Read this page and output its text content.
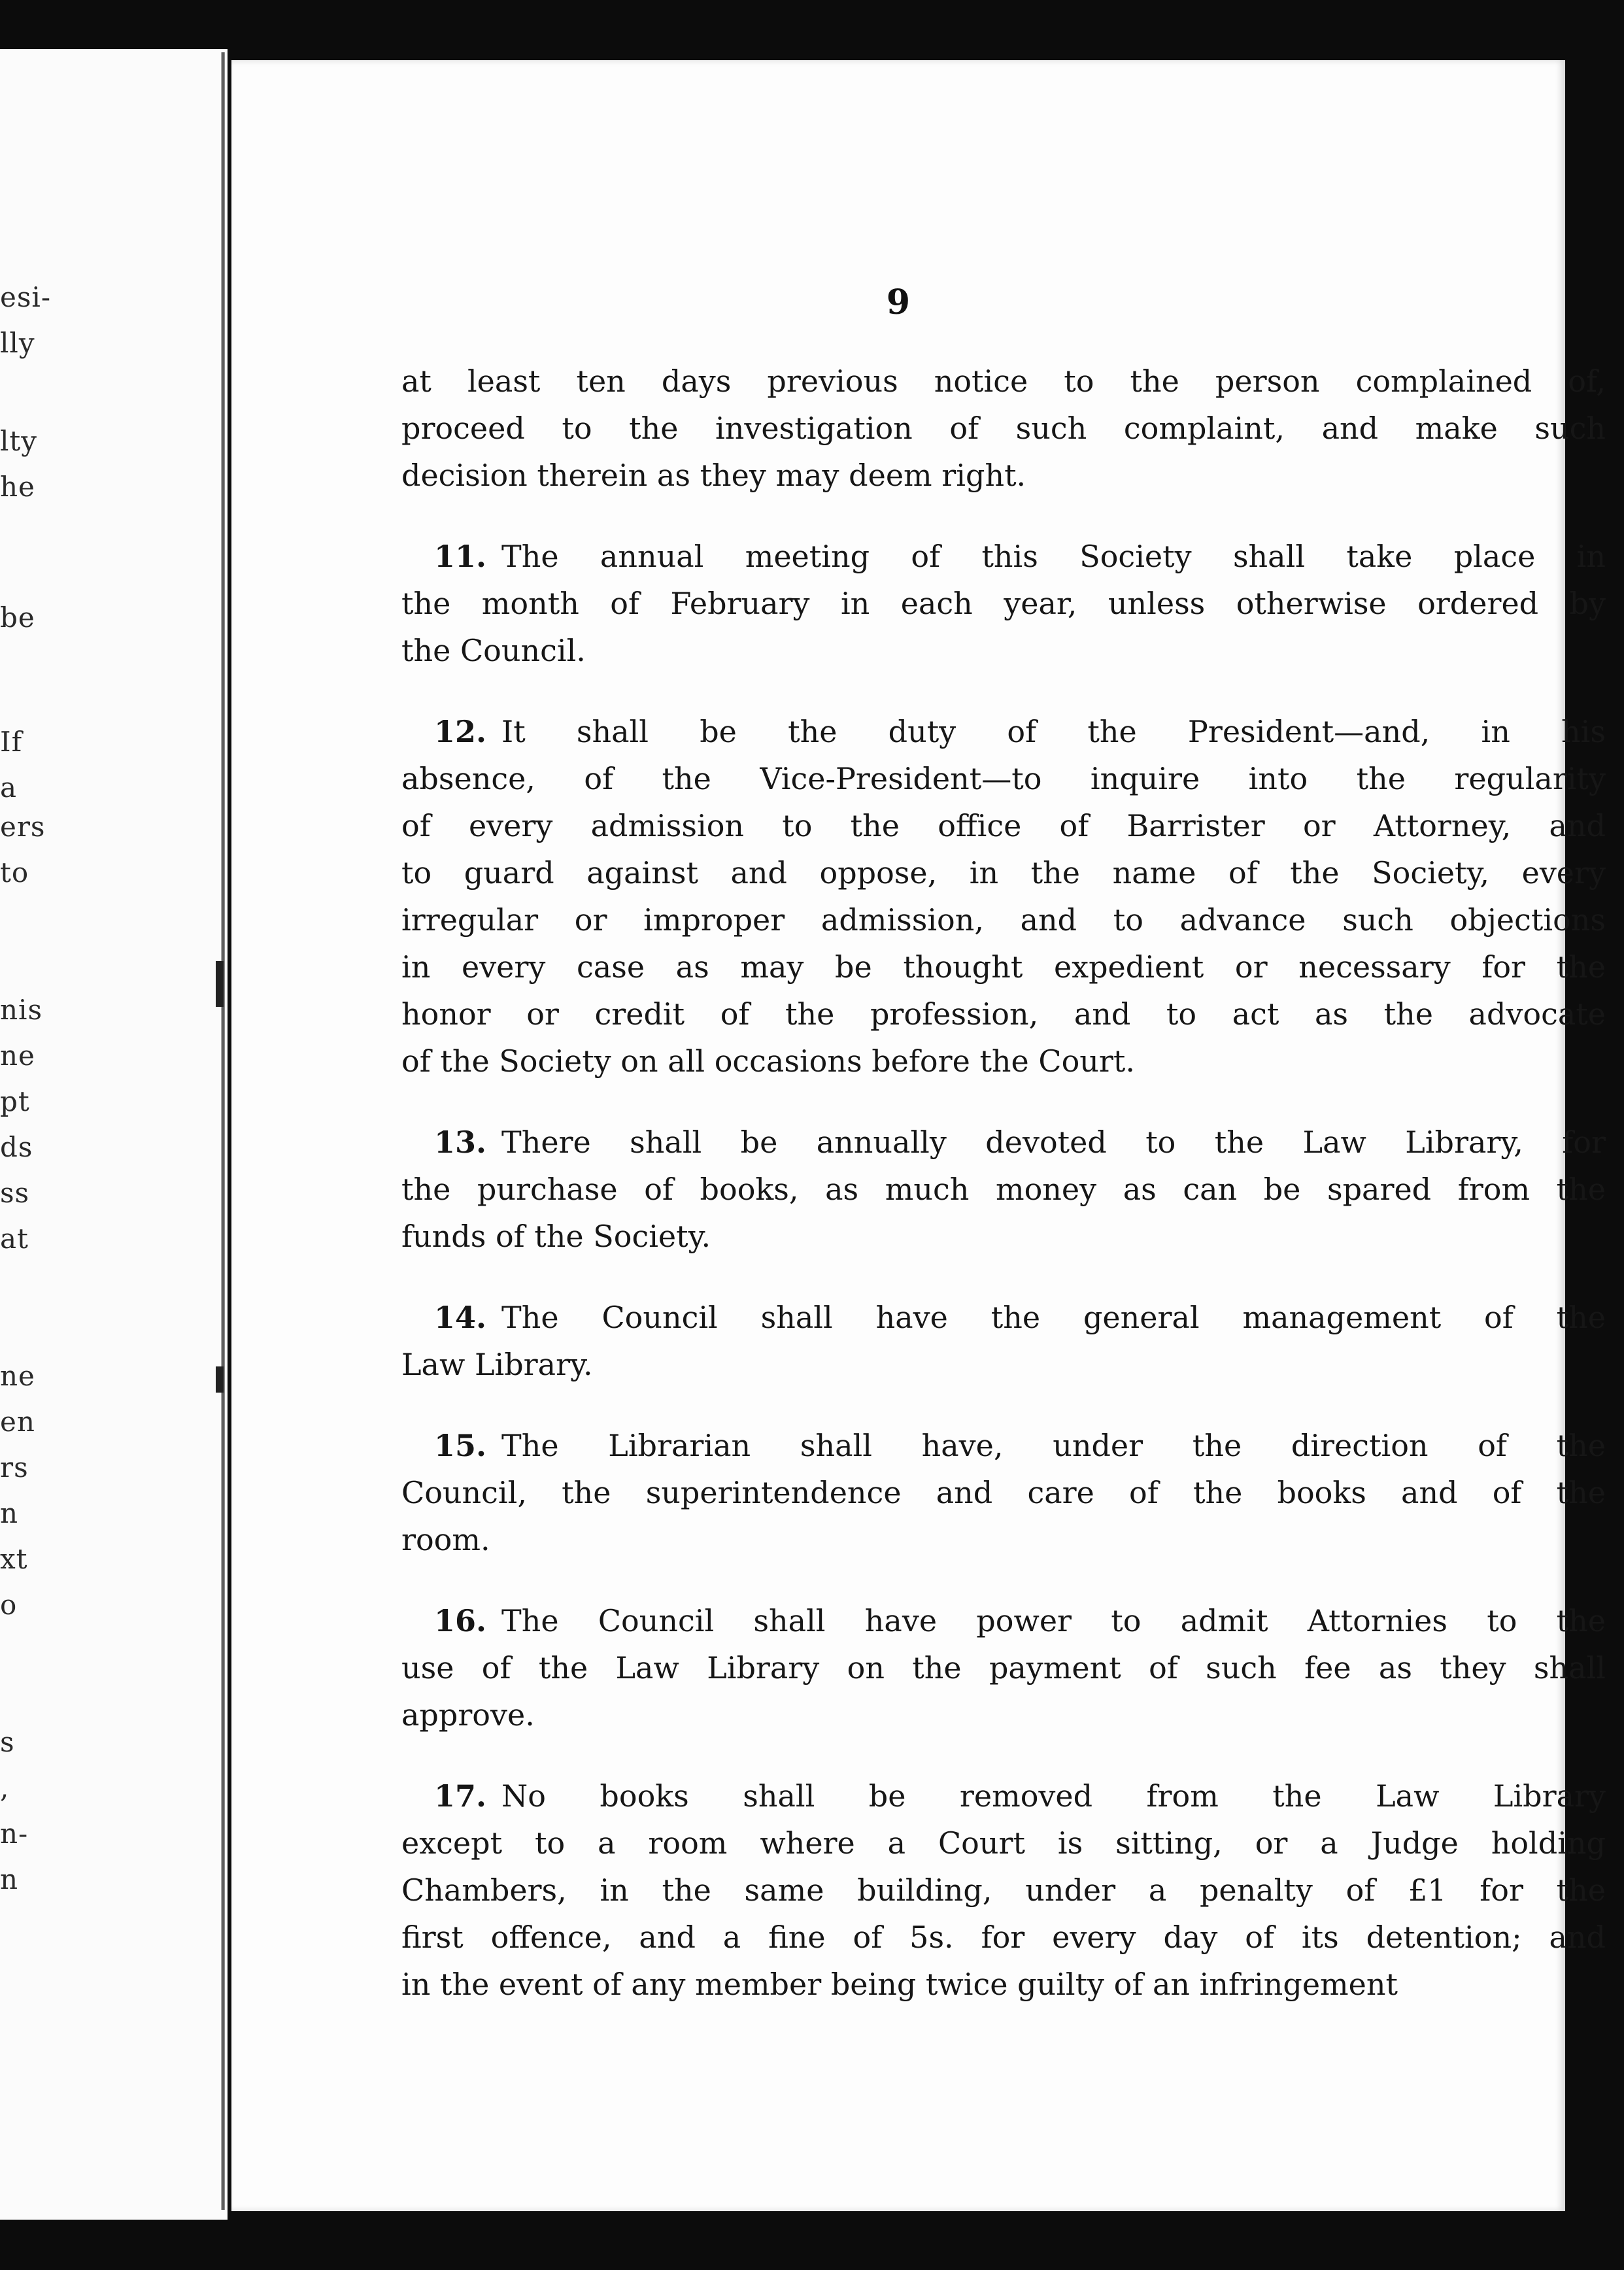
esi-
lly
lty
he
be
If
a
ers
to
nis
ne
pt
ds
ss
at
ne
en
rs
n
xt
o
s
,
n-
n
9
at least ten days previous notice to the person complained of,
proceed to the investigation of such complaint, and make such
decision therein as they may deem right.
11.  The annual meeting of this Society shall take place in
the month of February in each year, unless otherwise ordered by
the Council.
12.  It shall be the duty of the President—and, in his
absence, of the Vice-President—to inquire into the regularity
of every admission to the office of Barrister or Attorney, and
to guard against and oppose, in the name of the Society, every
irregular or improper admission, and to advance such objections
in every case as may be thought expedient or necessary for the
honor or credit of the profession, and to act as the advocate
of the Society on all occasions before the Court.
13.  There shall be annually devoted to the Law Library, for
the purchase of books, as much money as can be spared from the
funds of the Society.
14.  The Council shall have the general management of the
Law Library.
15.  The Librarian shall have, under the direction of the
Council, the superintendence and care of the books and of the
room.
16.  The Council shall have power to admit Attornies to the
use of the Law Library on the payment of such fee as they shall
approve.
17.  No books shall be removed from the Law Library
except to a room where a Court is sitting, or a Judge holding
Chambers, in the same building, under a penalty of £1 for the
first offence, and a fine of 5s. for every day of its detention; and
in the event of any member being twice guilty of an infringement
